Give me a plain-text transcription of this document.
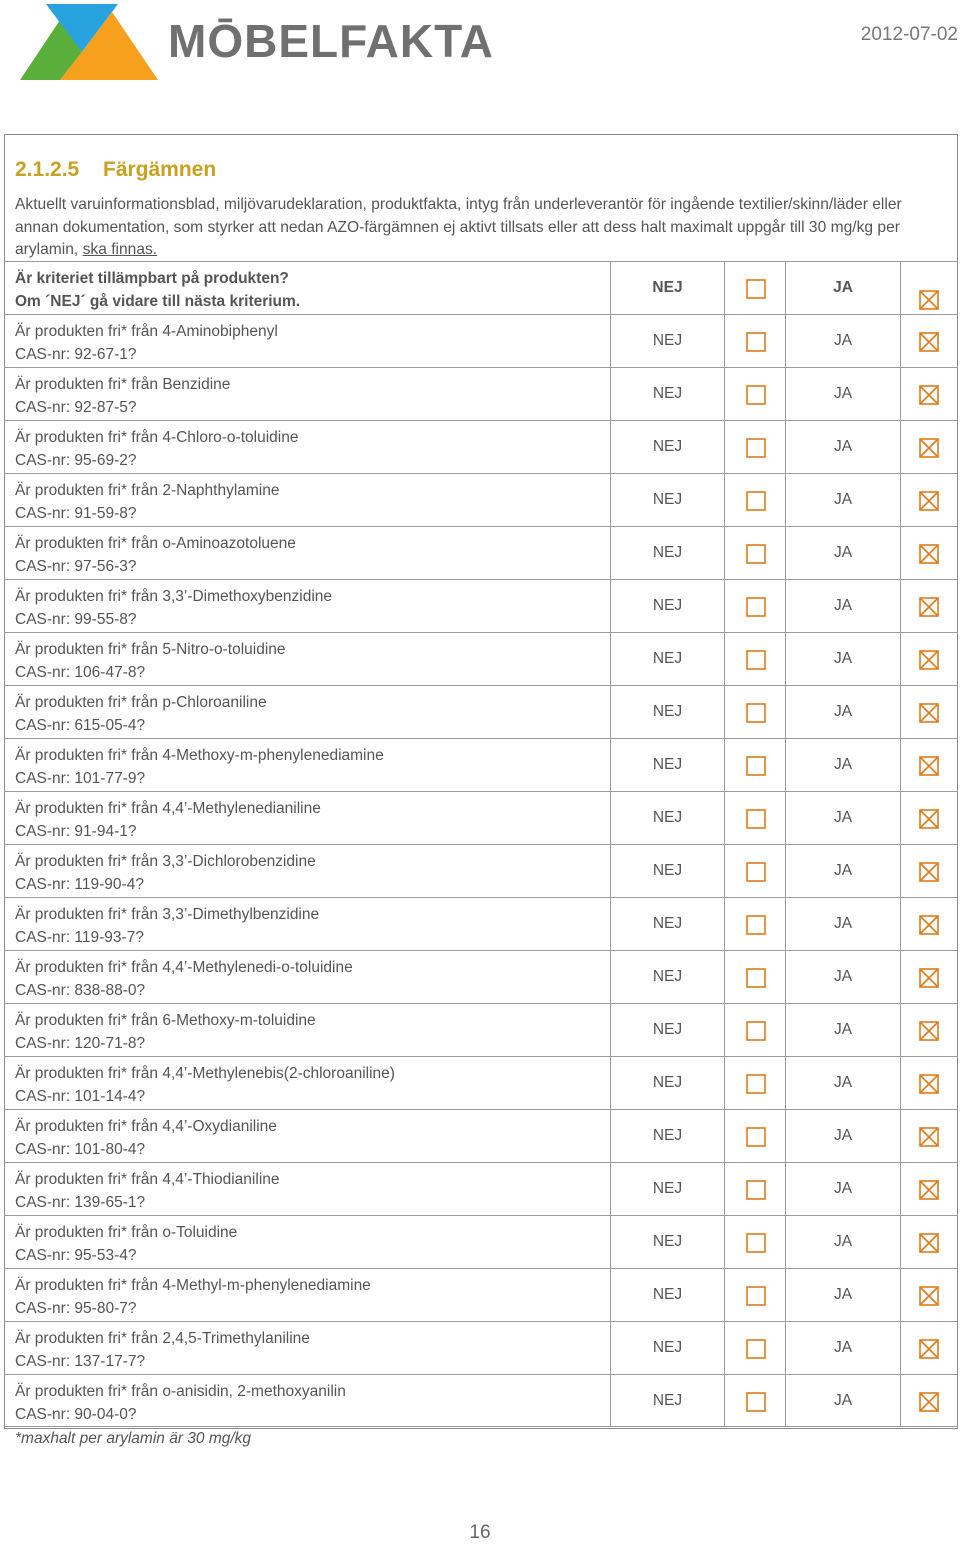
MŌBELFAKTA	2012-07-02
2.1.2.5 Färgämnen
Aktuellt varuinformationsblad, miljövarudeklaration, produktfakta, intyg från underleverantör för ingående textilier/skinn/läder eller annan dokumentation, som styrker att nedan AZO-färgämnen ej aktivt tillsats eller att dess halt maximalt uppgår till 30 mg/kg per arylamin, ska finnas.
Är kriteriet tillämpbart på produkten?
Om ´NEJ´ gå vidare till nästa kriterium.
NEJ	JA
Är produkten fri* från 4-Aminobiphenyl
CAS-nr: 92-67-1?
NEJ	JA
Är produkten fri* från Benzidine
CAS-nr: 92-87-5?
NEJ	JA
Är produkten fri* från 4-Chloro-o-toluidine
CAS-nr: 95-69-2?
NEJ	JA
Är produkten fri* från 2-Naphthylamine
CAS-nr: 91-59-8?
NEJ	JA
Är produkten fri* från o-Aminoazotoluene
CAS-nr: 97-56-3?
NEJ	JA
Är produkten fri* från 3,3’-Dimethoxybenzidine
CAS-nr: 99-55-8?
NEJ	JA
Är produkten fri* från 5-Nitro-o-toluidine
CAS-nr: 106-47-8?
NEJ	JA
Är produkten fri* från p-Chloroaniline
CAS-nr: 615-05-4?
NEJ	JA
Är produkten fri* från 4-Methoxy-m-phenylenediamine
CAS-nr: 101-77-9?
NEJ	JA
Är produkten fri* från 4,4’-Methylenedianiline
CAS-nr: 91-94-1?
NEJ	JA
Är produkten fri* från 3,3’-Dichlorobenzidine
CAS-nr: 119-90-4?
NEJ	JA
Är produkten fri* från 3,3’-Dimethylbenzidine
CAS-nr: 119-93-7?
NEJ	JA
Är produkten fri* från 4,4’-Methylenedi-o-toluidine
CAS-nr: 838-88-0?
NEJ	JA
Är produkten fri* från 6-Methoxy-m-toluidine
CAS-nr: 120-71-8?
NEJ	JA
Är produkten fri* från 4,4’-Methylenebis(2-chloroaniline)
CAS-nr: 101-14-4?
NEJ	JA
Är produkten fri* från 4,4’-Oxydianiline
CAS-nr: 101-80-4?
NEJ	JA
Är produkten fri* från 4,4’-Thiodianiline
CAS-nr: 139-65-1?
NEJ	JA
Är produkten fri* från o-Toluidine
CAS-nr: 95-53-4?
NEJ	JA
Är produkten fri* från 4-Methyl-m-phenylenediamine
CAS-nr: 95-80-7?
NEJ	JA
Är produkten fri* från 2,4,5-Trimethylaniline
CAS-nr: 137-17-7?
NEJ	JA
Är produkten fri* från o-anisidin, 2-methoxyanilin
CAS-nr: 90-04-0?
NEJ	JA
*maxhalt per arylamin är 30 mg/kg
16
